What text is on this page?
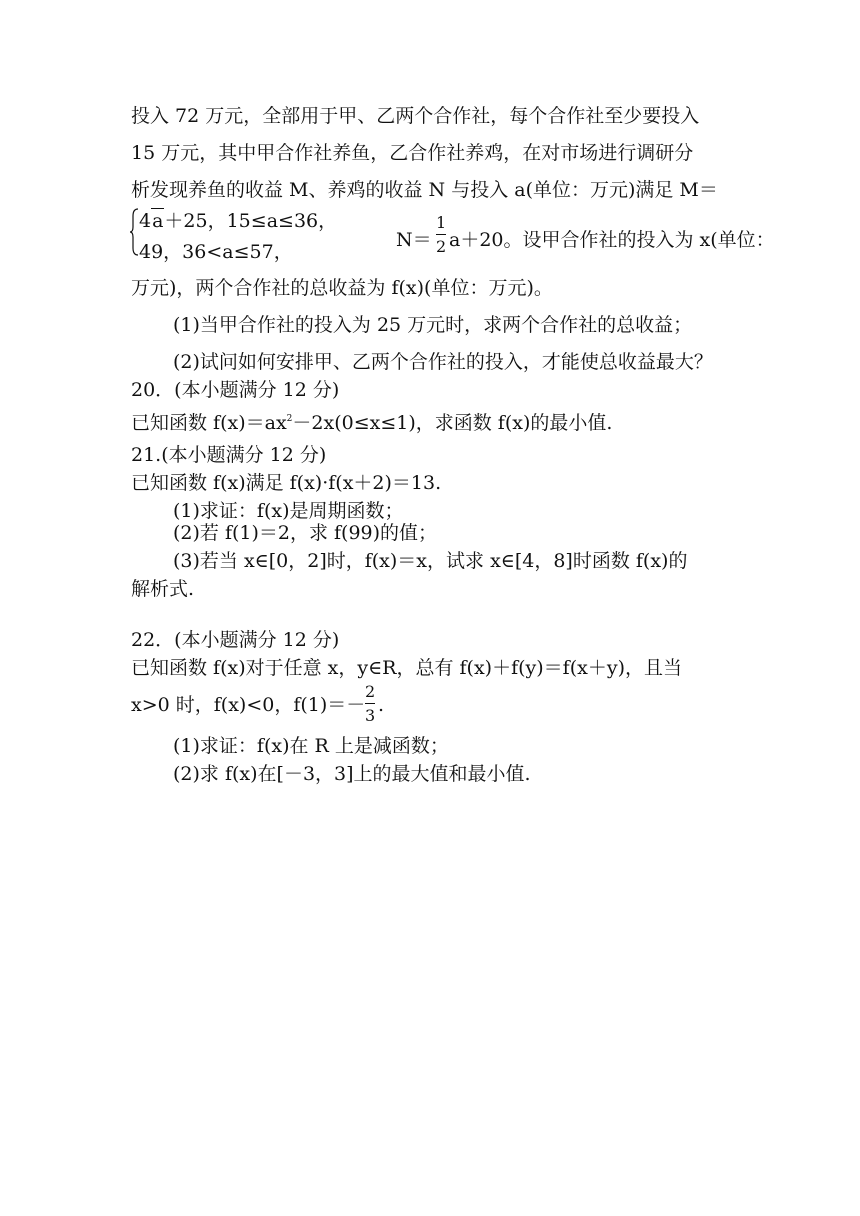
投入 72 万元，全部用于甲、乙两个合作社，每个合作社至少要投入
15 万元，其中甲合作社养鱼，乙合作社养鸡，在对市场进行调研分
析发现养鱼的收益 M、养鸡的收益 N 与投入 a(单位：万元)满足 M＝
4a＋25，15≤a≤36，
49，36<a≤57，
N＝
1
2 a＋20。设甲合作社的投入为 x(单位：
万元)，两个合作社的总收益为 f(x)(单位：万元)。
(1)当甲合作社的投入为 25 万元时，求两个合作社的总收益；
(2)试问如何安排甲、乙两个合作社的投入，才能使总收益最大？
20．(本小题满分 12 分)
已知函数 $f(x)=ax^2-2x(0\le x\le 1)$，求函数 f(x)的最小值.
21.(本小题满分 12 分)
已知函数 f(x)满足 f(x)·f(x＋2)＝13.
(1)求证：f(x)是周期函数；
(2)若 f(1)＝2，求 f(99)的值；
(3)若当 x∈[0，2]时，f(x)＝x，试求 x∈[4，8]时函数 f(x)的
解析式.
22．(本小题满分 12 分)
已知函数 f(x)对于任意 x，y∈R，总有 f(x)＋f(y)＝f(x＋y)，且当
x>0 时，f(x)<0，f(1)＝－
2
3 .
(1)求证：f(x)在 R 上是减函数；
(2)求 f(x)在[－3，3]上的最大值和最小值.
